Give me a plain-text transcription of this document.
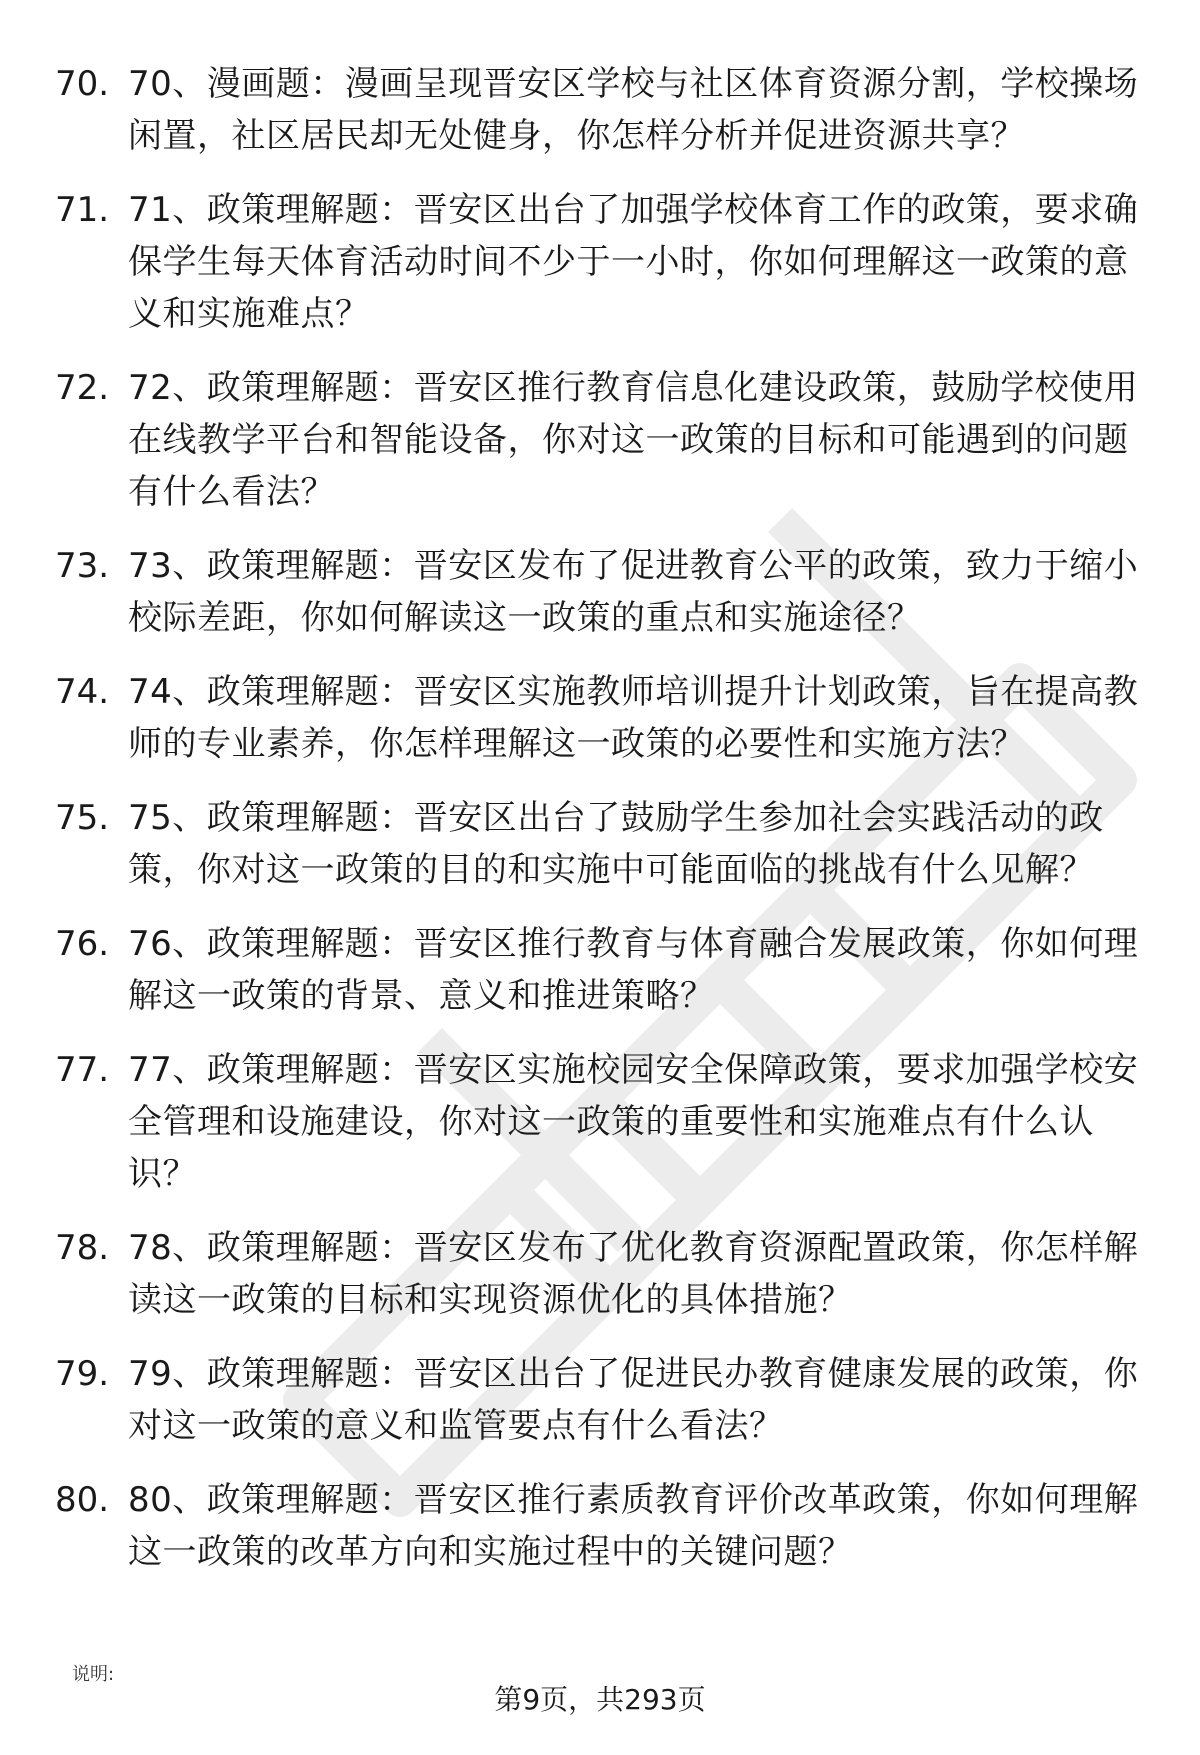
70. 70、漫画题：漫画呈现晋安区学校与社区体育资源分割，学校操场闲置，社区居民却无处健身，你怎样分析并促进资源共享？
71. 71、政策理解题：晋安区出台了加强学校体育工作的政策，要求确保学生每天体育活动时间不少于一小时，你如何理解这一政策的意义和实施难点？
72. 72、政策理解题：晋安区推行教育信息化建设政策，鼓励学校使用在线教学平台和智能设备，你对这一政策的目标和可能遇到的问题有什么看法？
73. 73、政策理解题：晋安区发布了促进教育公平的政策，致力于缩小校际差距，你如何解读这一政策的重点和实施途径？
74. 74、政策理解题：晋安区实施教师培训提升计划政策，旨在提高教师的专业素养，你怎样理解这一政策的必要性和实施方法？
75. 75、政策理解题：晋安区出台了鼓励学生参加社会实践活动的政策，你对这一政策的目的和实施中可能面临的挑战有什么见解？
76. 76、政策理解题：晋安区推行教育与体育融合发展政策，你如何理解这一政策的背景、意义和推进策略？
77. 77、政策理解题：晋安区实施校园安全保障政策，要求加强学校安全管理和设施建设，你对这一政策的重要性和实施难点有什么认识？
78. 78、政策理解题：晋安区发布了优化教育资源配置政策，你怎样解读这一政策的目标和实现资源优化的具体措施？
79. 79、政策理解题：晋安区出台了促进民办教育健康发展的政策，你对这一政策的意义和监管要点有什么看法？
80. 80、政策理解题：晋安区推行素质教育评价改革政策，你如何理解这一政策的改革方向和实施过程中的关键问题？
说明:
第9页，共293页
